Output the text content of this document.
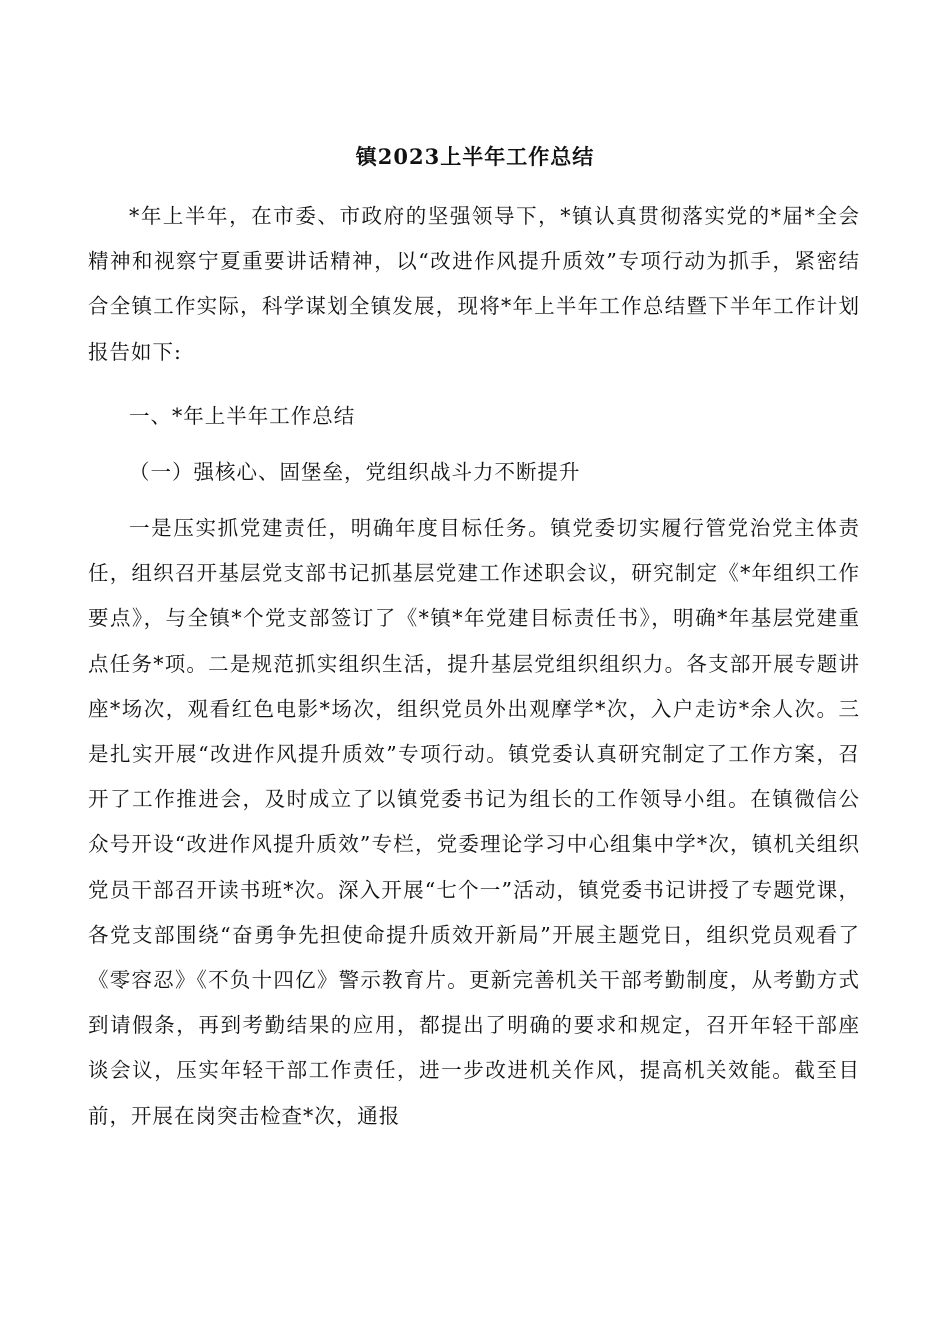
镇2023上半年工作总结

*年上半年，在市委、市政府的坚强领导下，*镇认真贯彻落实党的*届*全会精神和视察宁夏重要讲话精神，以“改进作风提升质效”专项行动为抓手，紧密结合全镇工作实际，科学谋划全镇发展，现将*年上半年工作总结暨下半年工作计划报告如下:

一、*年上半年工作总结

（一）强核心、固堡垒，党组织战斗力不断提升

一是压实抓党建责任，明确年度目标任务。镇党委切实履行管党治党主体责任，组织召开基层党支部书记抓基层党建工作述职会议，研究制定《*年组织工作要点》，与全镇*个党支部签订了《*镇*年党建目标责任书》，明确*年基层党建重点任务*项。二是规范抓实组织生活，提升基层党组织组织力。各支部开展专题讲座*场次，观看红色电影*场次，组织党员外出观摩学*次，入户走访*余人次。三是扎实开展“改进作风提升质效”专项行动。镇党委认真研究制定了工作方案，召开了工作推进会，及时成立了以镇党委书记为组长的工作领导小组。在镇微信公众号开设“改进作风提升质效”专栏，党委理论学习中心组集中学*次，镇机关组织党员干部召开读书班*次。深入开展“七个一”活动，镇党委书记讲授了专题党课，各党支部围绕“奋勇争先担使命提升质效开新局”开展主题党日，组织党员观看了《零容忍》《不负十四亿》警示教育片。更新完善机关干部考勤制度，从考勤方式到请假条，再到考勤结果的应用，都提出了明确的要求和规定，召开年轻干部座谈会议，压实年轻干部工作责任，进一步改进机关作风，提高机关效能。截至目前，开展在岗突击检查*次，通报
